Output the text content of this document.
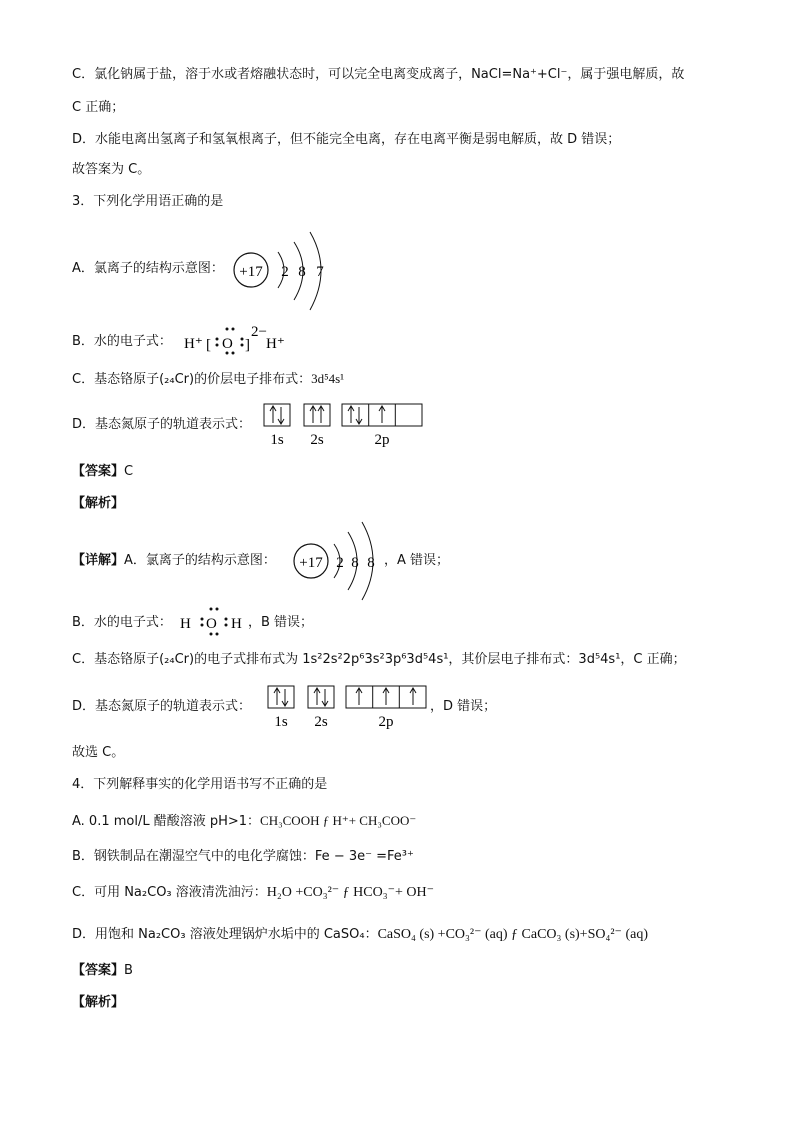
C．氯化钠属于盐，溶于水或者熔融状态时，可以完全电离变成离子，NaCl=Na⁺+Cl⁻，属于强电解质，故
C 正确；
D．水能电离出氢离子和氢氧根离子，但不能完全电离，存在电离平衡是弱电解质，故 D 错误；
故答案为 C。
3．下列化学用语正确的是
A．氯离子的结构示意图： +17 2 8 7
B．水的电子式： H⁺ [ O ]
2−
H⁺
C．基态铬原子(₂₄Cr)的价层电子排布式：3d⁵4s¹
D．基态氮原子的轨道表示式：
1s 2s	2p
【答案】C
【解析】
【详解】A．氯离子的结构示意图： +17 2 8 8 ，A 错误；
B．水的电子式： H O H ，B 错误；
C．基态铬原子(₂₄Cr)的电子式排布式为 1s²2s²2p⁶3s²3p⁶3d⁵4s¹，其价层电子排布式：3d⁵4s¹，C 正确；
D．基态氮原子的轨道表示式：
1s 2s	2p
，D 错误；
故选 C。
4．下列解释事实的化学用语书写不正确的是
A. 0.1 mol/L 醋酸溶液 pH>1：CH₃COOH ƒ H⁺+ CH₃COO⁻
B．钢铁制品在潮湿空气中的电化学腐蚀：Fe − 3e⁻ =Fe³⁺
C．可用 Na₂CO₃ 溶液清洗油污：H₂O +CO₃²⁻ ƒ HCO₃⁻+ OH⁻
D．用饱和 Na₂CO₃ 溶液处理锅炉水垢中的 CaSO₄：CaSO₄ (s) +CO₃²⁻ (aq) ƒ CaCO₃ (s)+SO₄²⁻ (aq)
【答案】B
【解析】
